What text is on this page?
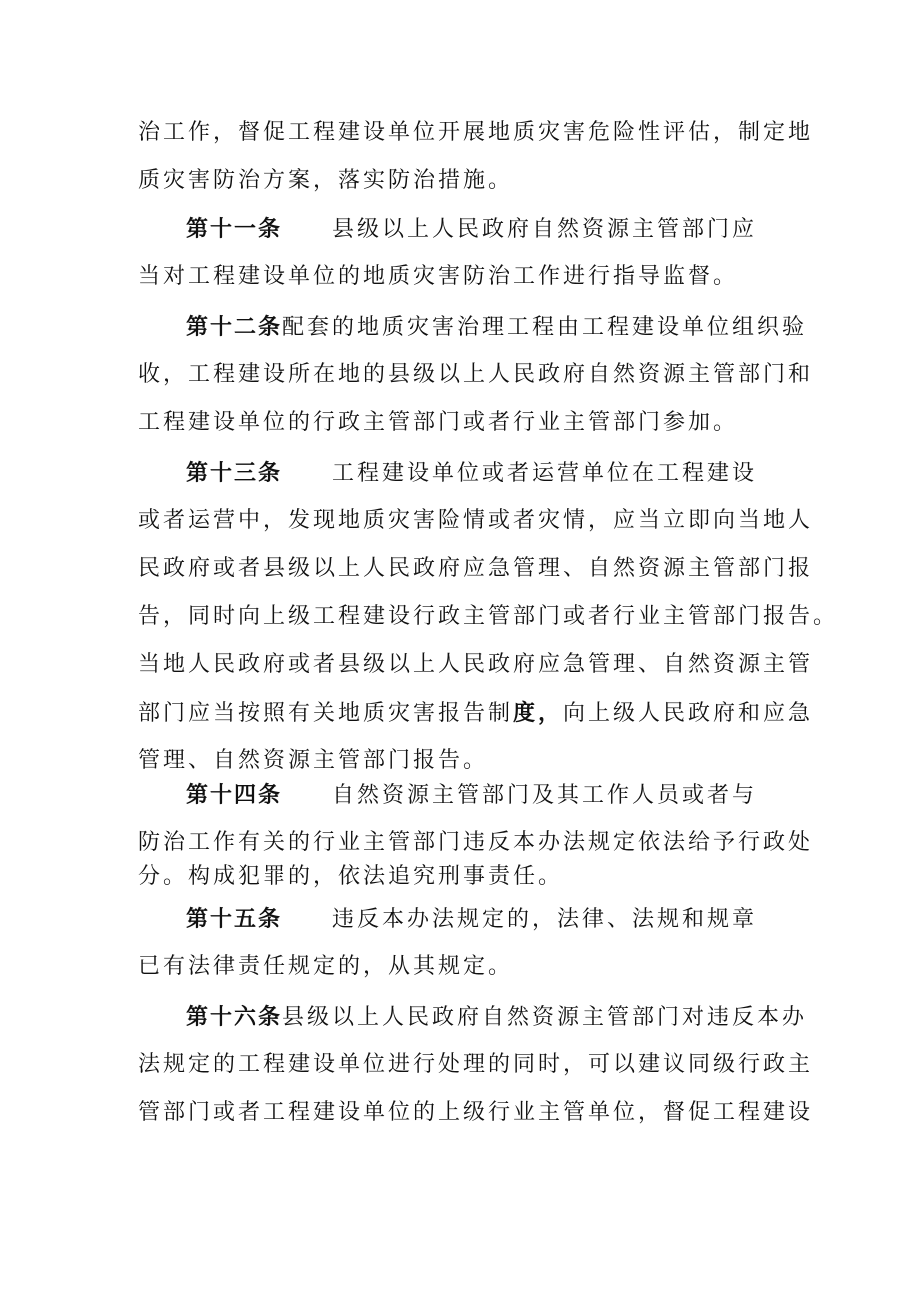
治工作，督促工程建设单位开展地质灾害危险性评估，制定地
质灾害防治方案，落实防治措施。
第十一条 县级以上人民政府自然资源主管部门应
当对工程建设单位的地质灾害防治工作进行指导监督。
第十二条配套的地质灾害治理工程由工程建设单位组织验
收，工程建设所在地的县级以上人民政府自然资源主管部门和
工程建设单位的行政主管部门或者行业主管部门参加。
第十三条 工程建设单位或者运营单位在工程建设
或者运营中，发现地质灾害险情或者灾情，应当立即向当地人
民政府或者县级以上人民政府应急管理、自然资源主管部门报
告，同时向上级工程建设行政主管部门或者行业主管部门报告。
当地人民政府或者县级以上人民政府应急管理、自然资源主管
部门应当按照有关地质灾害报告制度，向上级人民政府和应急
管理、自然资源主管部门报告。
第十四条 自然资源主管部门及其工作人员或者与
防治工作有关的行业主管部门违反本办法规定依法给予行政处
分。构成犯罪的，依法追究刑事责任。
第十五条 违反本办法规定的，法律、法规和规章
已有法律责任规定的，从其规定。
第十六条县级以上人民政府自然资源主管部门对违反本办
法规定的工程建设单位进行处理的同时，可以建议同级行政主
管部门或者工程建设单位的上级行业主管单位，督促工程建设
